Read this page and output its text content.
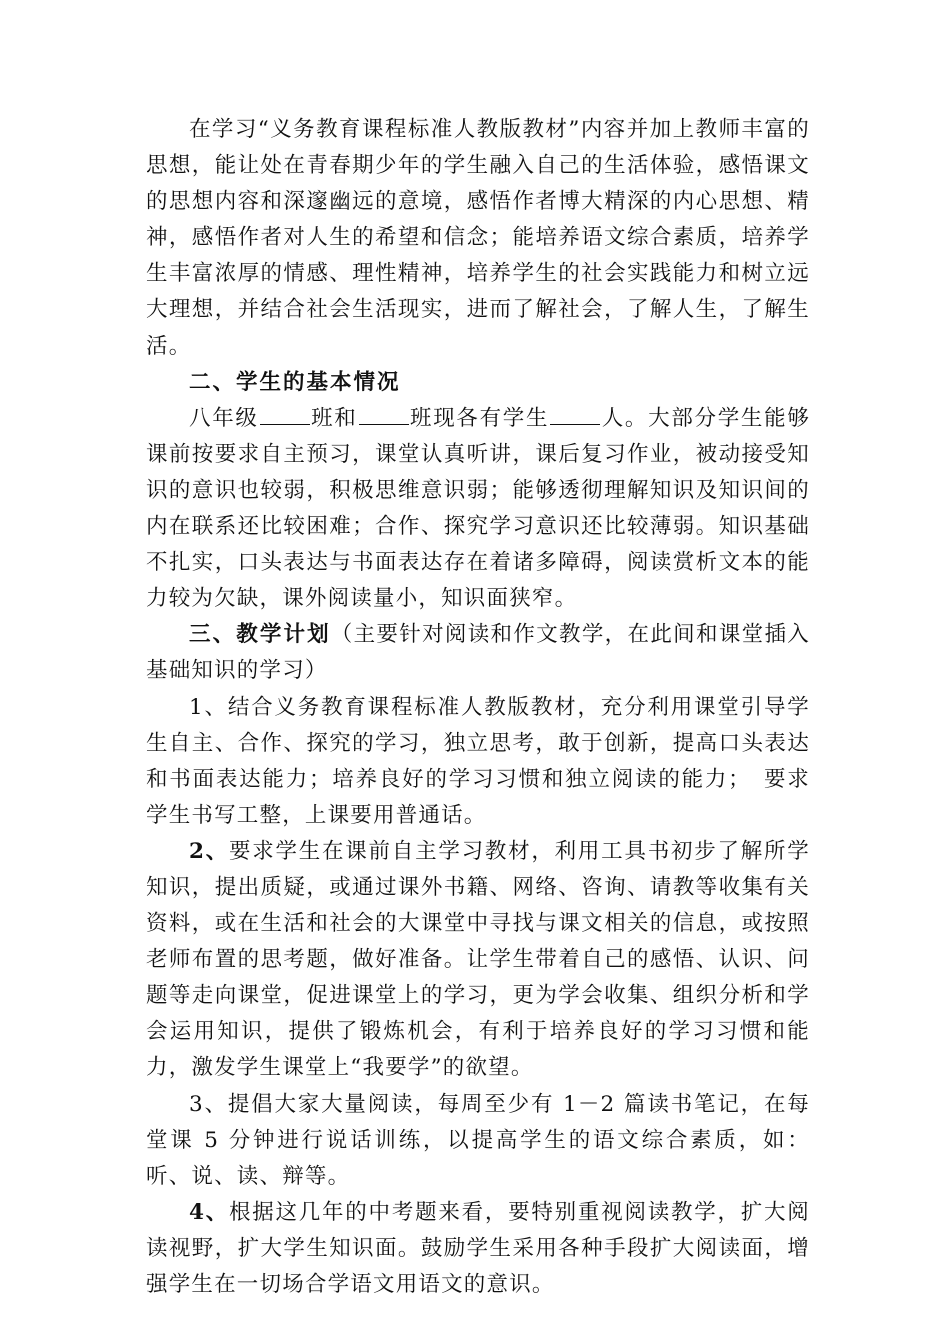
在学习“义务教育课程标准人教版教材”内容并加上教师丰富的思想，能让处在青春期少年的学生融入自己的生活体验，感悟课文的思想内容和深邃幽远的意境，感悟作者博大精深的内心思想、精神，感悟作者对人生的希望和信念；能培养语文综合素质，培养学生丰富浓厚的情感、理性精神，培养学生的社会实践能力和树立远大理想，并结合社会生活现实，进而了解社会，了解人生，了解生活。

二、学生的基本情况

八年级 班和 班现各有学生 人。大部分学生能够课前按要求自主预习，课堂认真听讲，课后复习作业，被动接受知识的意识也较弱，积极思维意识弱；能够透彻理解知识及知识间的内在联系还比较困难；合作、探究学习意识还比较薄弱。知识基础不扎实，口头表达与书面表达存在着诸多障碍，阅读赏析文本的能力较为欠缺，课外阅读量小，知识面狭窄。

三、教学计划（主要针对阅读和作文教学，在此间和课堂插入基础知识的学习）

1、结合义务教育课程标准人教版教材，充分利用课堂引导学生自主、合作、探究的学习，独立思考，敢于创新，提高口头表达和书面表达能力；培养良好的学习习惯和独立阅读的能力；　要求学生书写工整，上课要用普通话。

2、要求学生在课前自主学习教材，利用工具书初步了解所学知识，提出质疑，或通过课外书籍、网络、咨询、请教等收集有关资料，或在生活和社会的大课堂中寻找与课文相关的信息，或按照老师布置的思考题，做好准备。让学生带着自己的感悟、认识、问题等走向课堂，促进课堂上的学习，更为学会收集、组织分析和学会运用知识，提供了锻炼机会，有利于培养良好的学习习惯和能力，激发学生课堂上“我要学”的欲望。

3、提倡大家大量阅读，每周至少有 1－2 篇读书笔记，在每堂课 5 分钟进行说话训练，以提高学生的语文综合素质，如：听、说、读、辩等。

4、根据这几年的中考题来看，要特别重视阅读教学，扩大阅读视野，扩大学生知识面。鼓励学生采用各种手段扩大阅读面，增强学生在一切场合学语文用语文的意识。
